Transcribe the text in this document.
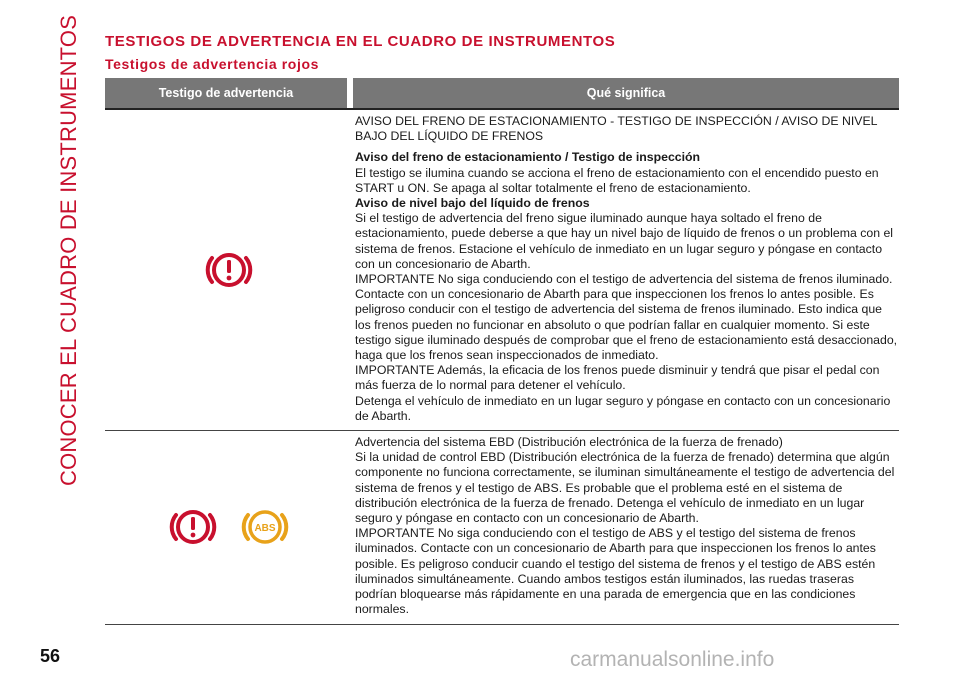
CONOCER EL CUADRO DE INSTRUMENTOS TESTIGOS DE ADVERTENCIA EN EL CUADRO DE INSTRUMENTOS
Testigos de advertencia rojos
Testigo de advertencia	Qué significa

AVISO DEL FRENO DE ESTACIONAMIENTO - TESTIGO DE INSPECCIÓN / AVISO DE NIVEL BAJO DEL LÍQUIDO DE FRENOS

Aviso del freno de estacionamiento / Testigo de inspección

El testigo se ilumina cuando se acciona el freno de estacionamiento con el encendido puesto en START u ON. Se apaga al soltar totalmente el freno de estacionamiento.

Aviso de nivel bajo del líquido de frenos

Si el testigo de advertencia del freno sigue iluminado aunque haya soltado el freno de estacionamiento, puede deberse a que hay un nivel bajo de líquido de frenos o un problema con el sistema de frenos. Estacione el vehículo de inmediato en un lugar seguro y póngase en contacto con un concesionario de Abarth.

IMPORTANTE No siga conduciendo con el testigo de advertencia del sistema de frenos iluminado. Contacte con un concesionario de Abarth para que inspeccionen los frenos lo antes posible. Es peligroso conducir con el testigo de advertencia del sistema de frenos iluminado. Esto indica que los frenos pueden no funcionar en absoluto o que podrían fallar en cualquier momento. Si este testigo sigue iluminado después de comprobar que el freno de estacionamiento está desaccionado, haga que los frenos sean inspeccionados de inmediato.

IMPORTANTE Además, la eficacia de los frenos puede disminuir y tendrá que pisar el pedal con más fuerza de lo normal para detener el vehículo.

Detenga el vehículo de inmediato en un lugar seguro y póngase en contacto con un concesionario de Abarth.

ABS

Advertencia del sistema EBD (Distribución electrónica de la fuerza de frenado)

Si la unidad de control EBD (Distribución electrónica de la fuerza de frenado) determina que algún componente no funciona correctamente, se iluminan simultáneamente el testigo de advertencia del sistema de frenos y el testigo de ABS. Es probable que el problema esté en el sistema de distribución electrónica de la fuerza de frenado. Detenga el vehículo de inmediato en un lugar seguro y póngase en contacto con un concesionario de Abarth.

IMPORTANTE No siga conduciendo con el testigo de ABS y el testigo del sistema de frenos iluminados. Contacte con un concesionario de Abarth para que inspeccionen los frenos lo antes posible. Es peligroso conducir cuando el testigo del sistema de frenos y el testigo de ABS estén iluminados simultáneamente. Cuando ambos testigos están iluminados, las ruedas traseras podrían bloquearse más rápidamente en una parada de emergencia que en las condiciones normales.

56	carmanualsonline.info
